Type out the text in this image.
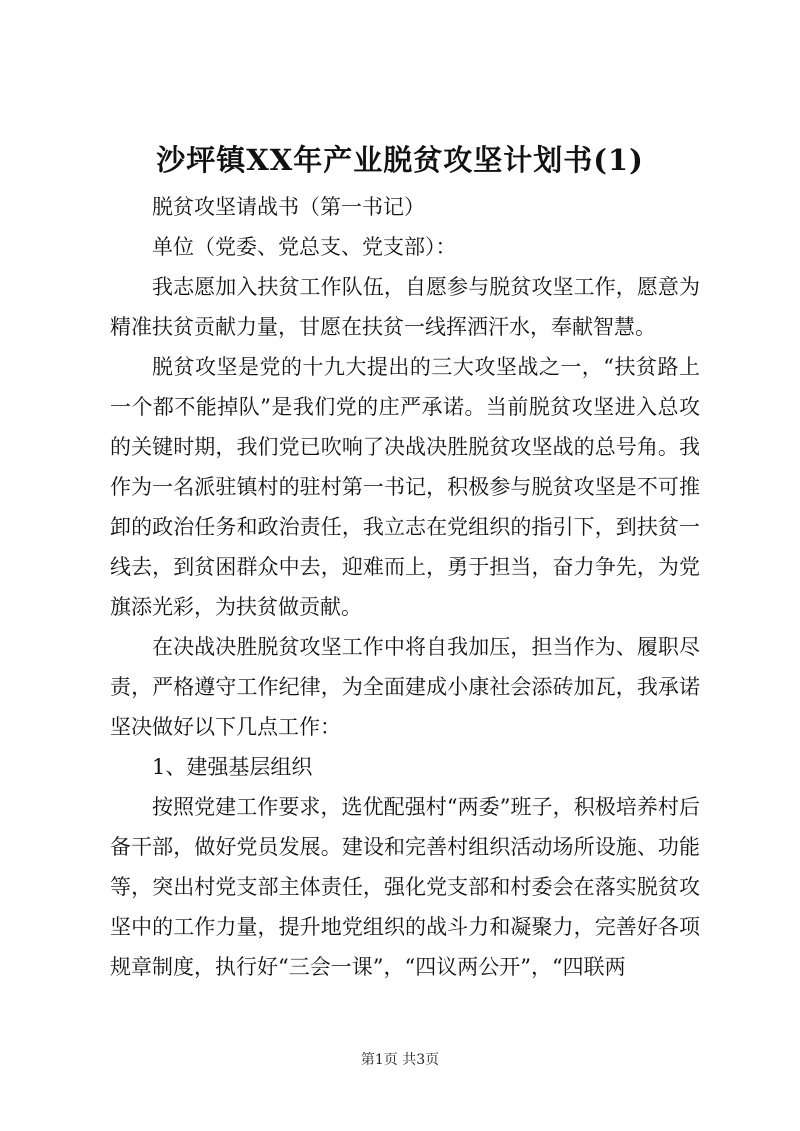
沙坪镇XX年产业脱贫攻坚计划书(1)

脱贫攻坚请战书（第一书记）

单位（党委、党总支、党支部）：

我志愿加入扶贫工作队伍，自愿参与脱贫攻坚工作，愿意为精准扶贫贡献力量，甘愿在扶贫一线挥洒汗水，奉献智慧。

脱贫攻坚是党的十九大提出的三大攻坚战之一，“扶贫路上一个都不能掉队”是我们党的庄严承诺。当前脱贫攻坚进入总攻的关键时期，我们党已吹响了决战决胜脱贫攻坚战的总号角。我作为一名派驻镇村的驻村第一书记，积极参与脱贫攻坚是不可推卸的政治任务和政治责任，我立志在党组织的指引下，到扶贫一线去，到贫困群众中去，迎难而上，勇于担当，奋力争先，为党旗添光彩，为扶贫做贡献。

在决战决胜脱贫攻坚工作中将自我加压，担当作为、履职尽责，严格遵守工作纪律，为全面建成小康社会添砖加瓦，我承诺坚决做好以下几点工作：

1、建强基层组织

按照党建工作要求，选优配强村“两委”班子，积极培养村后备干部，做好党员发展。建设和完善村组织活动场所设施、功能等，突出村党支部主体责任，强化党支部和村委会在落实脱贫攻坚中的工作力量，提升地党组织的战斗力和凝聚力，完善好各项规章制度，执行好“三会一课”，“四议两公开”，“四联两

第1页 共3页
